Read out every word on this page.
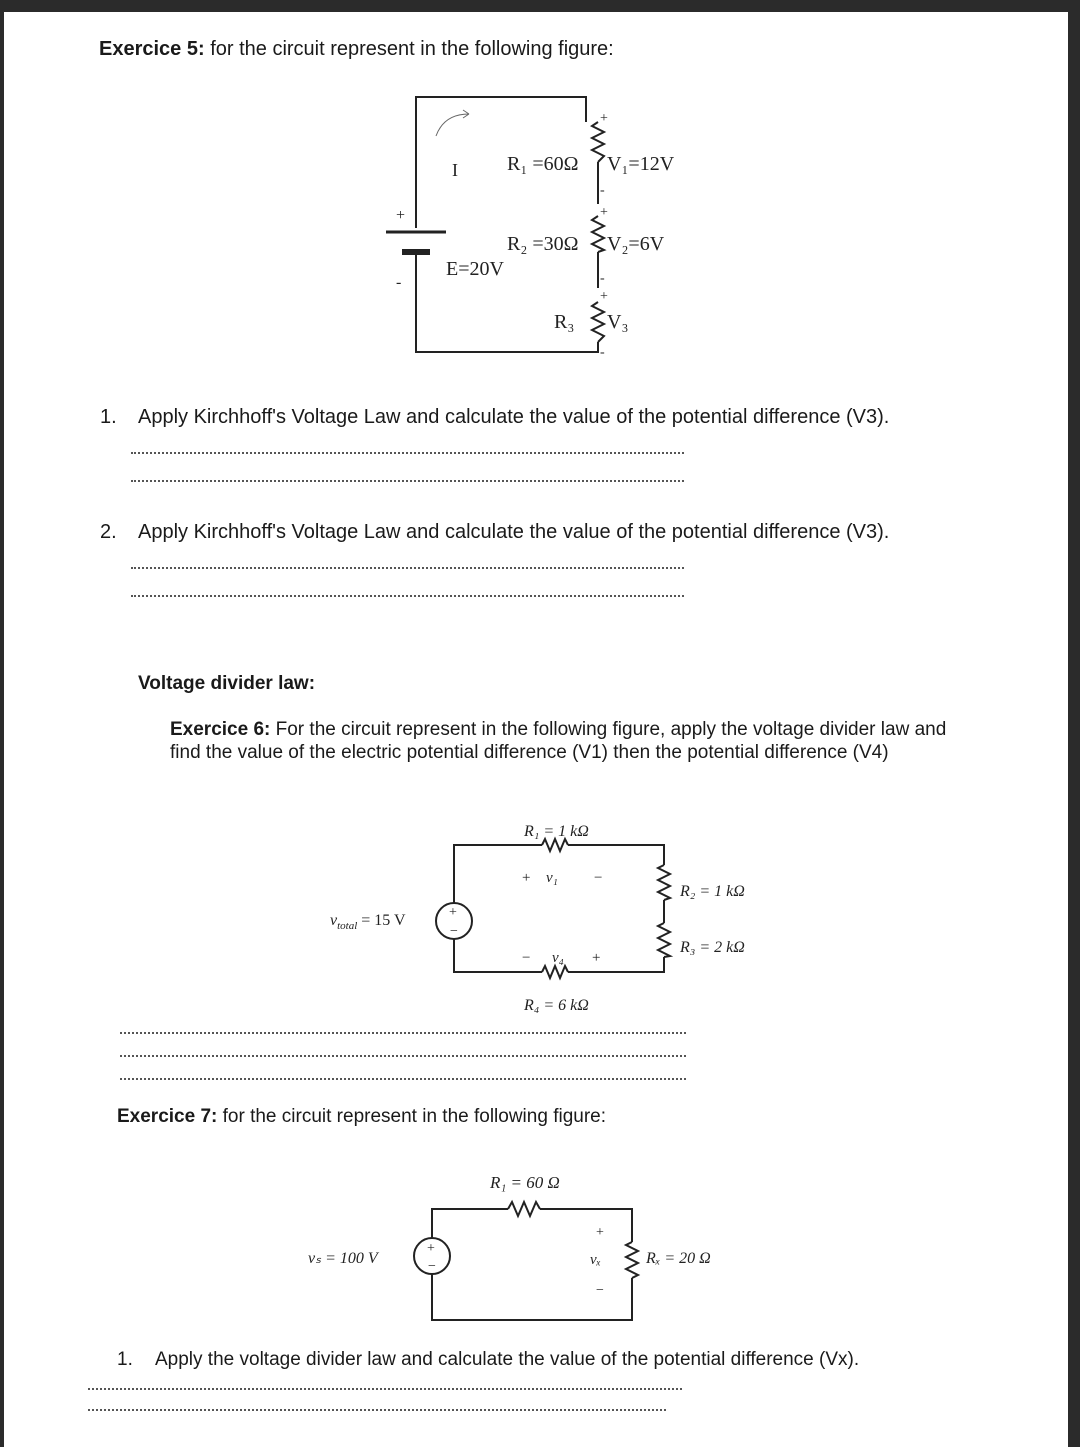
Exercice 5: for the circuit represent in the following figure:
+
-
E=20V
I
+
-
R₁ =60Ω V₁=12V
+
-
R₂ =30Ω V₂=6V
+
-
R₃ V₃
1. Apply Kirchhoff's Voltage Law and calculate the value of the potential difference (V3).
2. Apply Kirchhoff's Voltage Law and calculate the value of the potential difference (V3).
Voltage divider law:
Exercice 6: For the circuit represent in the following figure, apply the voltage divider law and find the value of the electric potential difference (V1) then the potential difference (V4)
+
−
$v_{total} = 15$ V
R₁ = 1 kΩ
+ v₁ −
R₂ = 1 kΩ
R₃ = 2 kΩ
− v₄ +
R₄ = 6 kΩ
Exercice 7: for the circuit represent in the following figure:
R₁ = 60 Ω
+
−
vₛ = 100 V
+
vₓ
−
Rₓ = 20 Ω
1. Apply the voltage divider law and calculate the value of the potential difference (Vx).
